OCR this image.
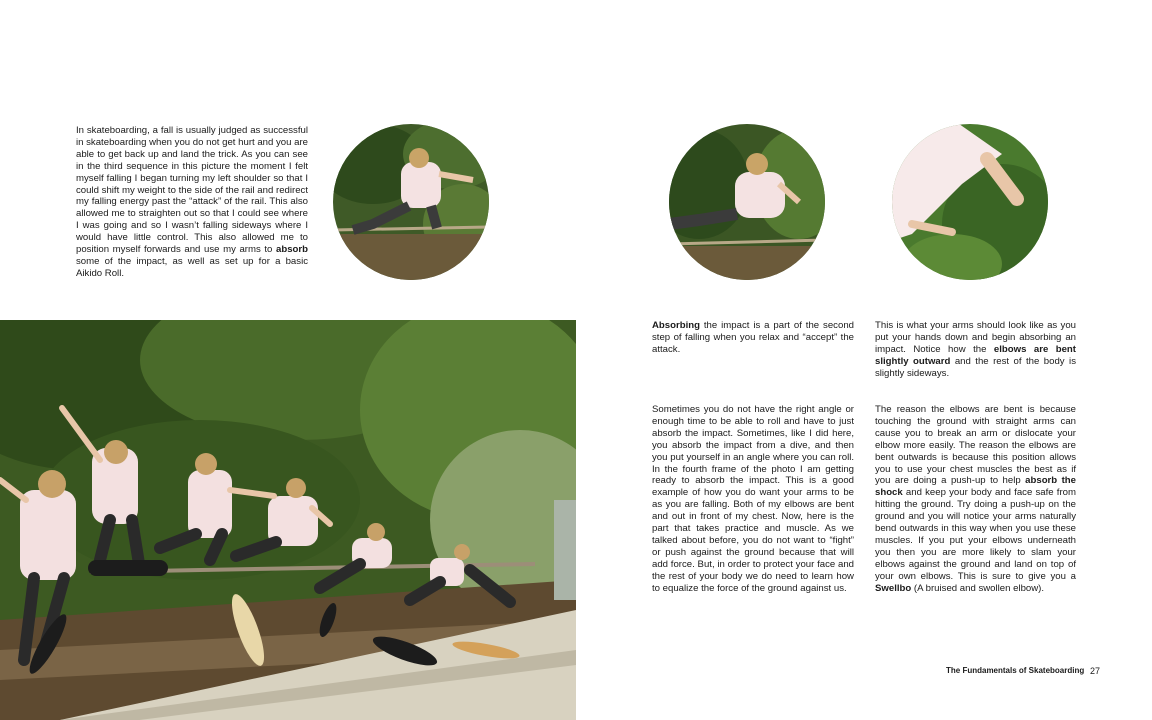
In skateboarding, a fall is usually judged as successful in skateboarding when you do not get hurt and you are able to get back up and land the trick. As you can see in the third sequence in this picture the moment I felt myself falling I began turning my left shoulder so that I could shift my weight to the side of the rail and redirect my falling energy past the “attack” of the rail. This also allowed me to straighten out so that I could see where I was going and so I wasn’t falling sideways where I would have little control. This also allowed me to position myself forwards and use my arms to absorb some of the impact, as well as set up for a basic Aikido Roll.
Absorbing the impact is a part of the second step of falling when you relax and “accept” the attack.
This is what your arms should look like as you put your hands down and begin absorbing an impact. Notice how the elbows are bent slightly outward and the rest of the body is slightly sideways.
Sometimes you do not have the right angle or enough time to be able to roll and have to just absorb the impact. Sometimes, like I did here, you absorb the impact from a dive, and then you put yourself in an angle where you can roll. In the fourth frame of the photo I am getting ready to absorb the impact. This is a good example of how you do want your arms to be as you are falling. Both of my elbows are bent and out in front of my chest. Now, here is the part that takes practice and muscle. As we talked about before, you do not want to “fight” or push against the ground because that will add force. But, in order to protect your face and the rest of your body we do need to learn how to equalize the force of the ground against us.
The reason the elbows are bent is because touching the ground with straight arms can cause you to break an arm or dislocate your elbow more easily. The reason the elbows are bent outwards is because this position allows you to use your chest muscles the best as if you are doing a push-up to help absorb the shock and keep your body and face safe from hitting the ground. Try doing a push-up on the ground and you will notice your arms naturally bend outwards in this way when you use these muscles. If you put your elbows underneath you then you are more likely to slam your elbows against the ground and land on top of your own elbows. This is sure to give you a Swellbo (A bruised and swollen elbow).
The Fundamentals of Skateboarding 27
